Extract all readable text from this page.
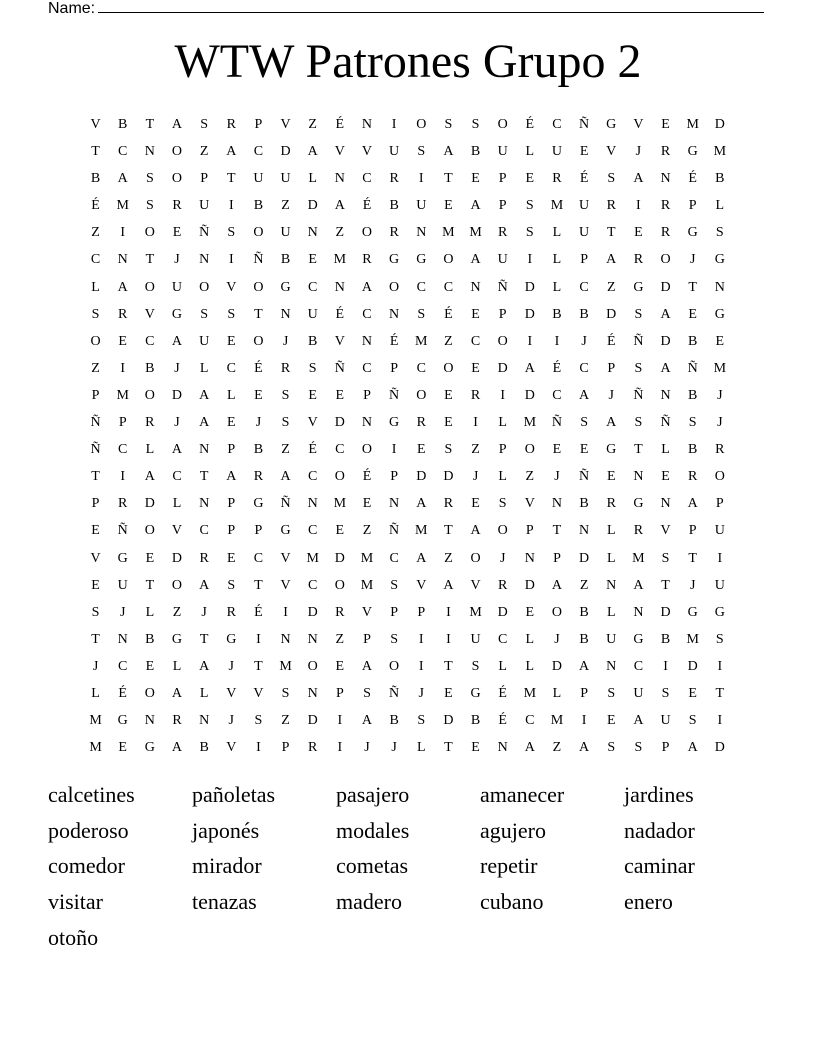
Name:
WTW Patrones Grupo 2
V	B	T	A	S	R	P	V	Z	É	N	I	O	S	S	O	É	C	Ñ	G	V	E	M	D
T	C	N	O	Z	A	C	D	A	V	V	U	S	A	B	U	L	U	E	V	J	R	G	M
B	A	S	O	P	T	U	U	L	N	C	R	I	T	E	P	E	R	É	S	A	N	É	B
É	M	S	R	U	I	B	Z	D	A	É	B	U	E	A	P	S	M	U	R	I	R	P	L
Z	I	O	E	Ñ	S	O	U	N	Z	O	R	N	M	M	R	S	L	U	T	E	R	G	S
C	N	T	J	N	I	Ñ	B	E	M	R	G	G	O	A	U	I	L	P	A	R	O	J	G
L	A	O	U	O	V	O	G	C	N	A	O	C	C	N	Ñ	D	L	C	Z	G	D	T	N
S	R	V	G	S	S	T	N	U	É	C	N	S	É	E	P	D	B	B	D	S	A	E	G
O	E	C	A	U	E	O	J	B	V	N	É	M	Z	C	O	I	I	J	É	Ñ	D	B	E
Z	I	B	J	L	C	É	R	S	Ñ	C	P	C	O	E	D	A	É	C	P	S	A	Ñ	M
P	M	O	D	A	L	E	S	E	E	P	Ñ	O	E	R	I	D	C	A	J	Ñ	N	B	J
Ñ	P	R	J	A	E	J	S	V	D	N	G	R	E	I	L	M	Ñ	S	A	S	Ñ	S	J
Ñ	C	L	A	N	P	B	Z	É	C	O	I	E	S	Z	P	O	E	E	G	T	L	B	R
T	I	A	C	T	A	R	A	C	O	É	P	D	D	J	L	Z	J	Ñ	E	N	E	R	O
P	R	D	L	N	P	G	Ñ	N	M	E	N	A	R	E	S	V	N	B	R	G	N	A	P
E	Ñ	O	V	C	P	P	G	C	E	Z	Ñ	M	T	A	O	P	T	N	L	R	V	P	U
V	G	E	D	R	E	C	V	M	D	M	C	A	Z	O	J	N	P	D	L	M	S	T	I
E	U	T	O	A	S	T	V	C	O	M	S	V	A	V	R	D	A	Z	N	A	T	J	U
S	J	L	Z	J	R	É	I	D	R	V	P	P	I	M	D	E	O	B	L	N	D	G	G
T	N	B	G	T	G	I	N	N	Z	P	S	I	I	U	C	L	J	B	U	G	B	M	S
J	C	E	L	A	J	T	M	O	E	A	O	I	T	S	L	L	D	A	N	C	I	D	I
L	É	O	A	L	V	V	S	N	P	S	Ñ	J	E	G	É	M	L	P	S	U	S	E	T
M	G	N	R	N	J	S	Z	D	I	A	B	S	D	B	É	C	M	I	E	A	U	S	I
M	E	G	A	B	V	I	P	R	I	J	J	L	T	E	N	A	Z	A	S	S	P	A	D
calcetines	pañoletas	pasajero	amanecer	jardines
poderoso	japonés	modales	agujero	nadador
comedor	mirador	cometas	repetir	caminar
visitar	tenazas	madero	cubano	enero
otoño
